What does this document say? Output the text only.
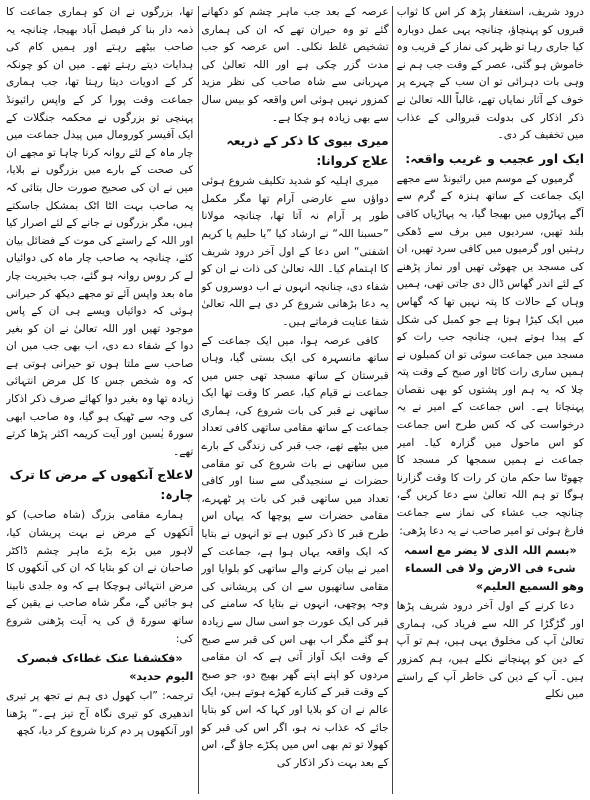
تھا، بزرگوں نے ان کو ہماری جماعت کا ذمہ دار بنا کر فیصل آباد بھیجا، چنانچہ یہ صاحب بیٹھے رہتے اور ہمیں کام کی ہدایات دیتے رہتے تھے۔ میں ان کو چونکہ کر کے ادویات دیتا رہتا تھا، جب ہماری جماعت وقت پورا کر کے واپس رائیونڈ پہنچی تو بزرگوں نے محکمہ جنگلات کے ایک آفیسر کورومال میں پیدل جماعت میں چار ماہ کے لئے روانہ کرنا چاہا تو مجھے ان کی صحت کے بارے میں بزرگوں نے بلایا، میں نے ان کی صحیح صورت حال بتائی کہ یہ صاحب بہت الٹا اٹک بمشکل جاسکتے ہیں، مگر بزرگوں نے جانے کے لئے اصرار کیا اور اللہ کے راستے کی موت کے فضائل بیان کئے، چنانچہ یہ صاحب چار ماہ کی دوائیاں لے کر روس روانہ ہو گئے، جب بخیریت چار ماہ بعد واپس آئے تو مجھے دیکھ کر حیرانی ہوئی کہ دوائیاں ویسے ہی ان کے پاس موجود تھیں اور اللہ تعالیٰ نے ان کو بغیر دوا کے شفاء دے دی، اب بھی جب میں ان صاحب سے ملتا ہوں تو حیرانی ہوتی ہے کہ وہ شخص جس کا کل مرض انتہائی زیادہ تھا وہ بغیر دوا کھائے صرف ذکر اذکار کی وجہ سے ٹھیک ہو گیا، وہ صاحب ابھی سورۃ یٰسین اور آیت کریمہ اکثر پڑھا کرتے تھے۔

لاعلاج آنکھوں کے مرض کا ترک چارہ:

ہمارے مقامی بزرگ (شاہ صاحب) کو آنکھوں کے مرض نے بہت پریشان کیا، لاہور میں بڑے بڑے ماہر چشم ڈاکٹر صاحبان نے ان کو بتایا کہ ان کی آنکھوں کا مرض انتہائی ہوچکا ہے کہ وہ جلدی نابینا ہو جائیں گے، مگر شاہ صاحب نے یقین کے ساتھ سورۃ ق کی یہ آیت پڑھنی شروع کی:

«فکشفنا عنک غطاءک فبصرک الیوم حدید»

ترجمہ: ”اب کھول دی ہم نے تجھ پر تیری اندھیری کو تیری نگاہ آج تیز ہے۔“ پڑھنا اور آنکھوں پر دم کرنا شروع کر دیا، کچھ

عرصہ کے بعد جب ماہر چشم کو دکھانے گئے تو وہ حیران تھے کہ ان کی ہماری تشخیص غلط نکلی۔ اس عرصہ کو جب مدت گزر چکی ہے اور اللہ تعالیٰ کی مہربانی سے شاہ صاحب کی نظر مزید کمزور نہیں ہوئی اس واقعہ کو بیس سال سے بھی زیادہ ہو چکا ہے۔

میری بیوی کا ذکر کے ذریعہ علاج کروانا:

میری اہلیہ کو شدید تکلیف شروع ہوئی دواؤں سے عارضی آرام تھا مگر مکمل طور پر آرام نہ آتا تھا، چنانچہ مولانا ”حسبنا اللہ“ نے ارشاد کیا ”یا حلیم یا کریم اشفنی“ اس دعا کے اول آخر درود شریف کا اہتمام کیا۔ اللہ تعالیٰ کی ذات نے ان کو شفاء دی، چنانچہ انہوں نے اب دوسروں کو یہ دعا بڑھانی شروع کر دی ہے اللہ تعالیٰ شفا عنایت فرماتے ہیں۔

کافی عرصہ ہوا، میں ایک جماعت کے ساتھ مانسہرہ کی ایک بستی گیا، وہاں قبرستان کے ساتھ مسجد تھی جس میں جماعت نے قیام کیا، عصر کا وقت تھا ایک ساتھی نے قبر کی بات شروع کی، ہماری جماعت کے ساتھ مقامی ساتھی کافی تعداد میں بیٹھے تھے، جب قبر کی زندگی کے بارے میں ساتھی نے بات شروع کی تو مقامی حضرات نے سنجیدگی سے سنا اور کافی تعداد میں ساتھی قبر کی بات پر ٹھہرے، مقامی حضرات سے پوچھا کہ یہاں اس طرح قبر کا ذکر کیوں ہے تو انہوں نے بتایا کہ ایک واقعہ یہاں ہوا ہے، جماعت کے امیر نے بیان کرنے والے ساتھی کو بلوایا اور مقامی ساتھیوں سے ان کی پریشانی کی وجہ پوچھی، انہوں نے بتایا کہ سامنے کی قبر کی ایک عورت جو اسی سال سے زیادہ ہو گئے مگر اب بھی اس کی قبر سے صبح کے وقت ایک آواز آتی ہے کہ ان مقامی مردوں کو اپنے اپنے گھر بھیج دو، جو صبح کے وقت قبر کے کنارے کھڑے ہوتے ہیں، ایک عالم نے ان کو بلایا اور کہا کہ اس کو بتایا جائے کہ عذاب نہ ہو، اگر اس کی قبر کو کھولا تو تم بھی اس میں پکڑے جاؤ گے، اس کے بعد بہت ذکر اذکار کی

درود شریف، استغفار پڑھ کر اس کا ثواب قبروں کو پہنچاؤ، چنانچہ یہی عمل دوبارہ کیا جاری رہا تو ظہر کی نماز کے قریب وہ خاموش ہو گئی، عصر کے وقت جب ہم نے وہی بات دہرائی تو ان سب کے چہرے پر خوف کے آثار نمایاں تھے، غالباً اللہ تعالیٰ نے ذکر اذکار کی بدولت قبروالی کے عذاب میں تخفیف کر دی۔

ایک اور عجیب و غریب واقعہ:

گرمیوں کے موسم میں رائیونڈ سے مجھے ایک جماعت کے ساتھ ہنزہ کے گرم سے آگے پہاڑوں میں بھیجا گیا، یہ پہاڑیاں کافی بلند تھیں، سردیوں میں برف سے ڈھکی رہتیں اور گرمیوں میں کافی سرد تھیں، ان کی مسجد یں چھوٹی تھیں اور نماز پڑھنے کے لئے اندر گھاس ڈال دی جاتی تھی، ہمیں وہاں کے حالات کا پتہ نہیں تھا کہ گھاس میں ایک کیڑا ہوتا ہے جو کمبل کی شکل کے پیدا ہوتے ہیں، چنانچہ جب رات کو مسجد میں جماعت سوئی تو ان کمبلوں نے ہمیں ساری رات کاٹا اور صبح کے وقت پتہ چلا کہ یہ ہم اور پشتوں کو بھی نقصان پہنچاتا ہے۔ اس جماعت کے امیر نے یہ درخواست کی کہ کس طرح اس جماعت کو اس ماحول میں گزارہ کیا۔ امیر جماعت نے ہمیں سمجھا کر مسجد کا چھوٹا سا حکم مان کر رات کا وقت گزارنا ہوگا تو ہم اللہ تعالیٰ سے دعا کریں گے، چنانچہ جب عشاء کی نماز سے جماعت فارغ ہوئی تو امیر صاحب نے یہ دعا پڑھی:

«بسم اللہ الذی لا یضر مع اسمہ شیء فی الارض ولا فی السماء وھو السمیع العلیم»

دعا کرنے کے اول آخر درود شریف پڑھا اور گڑگڑا کر اللہ سے فریاد کی، ہماری تعالیٰ آپ کی مخلوق یہی ہیں، ہم تو آپ کے دین کو پہنچانے نکلے ہیں، ہم کمزور ہیں۔ آپ کے دین کی خاطر آپ کے راستے میں نکلے
